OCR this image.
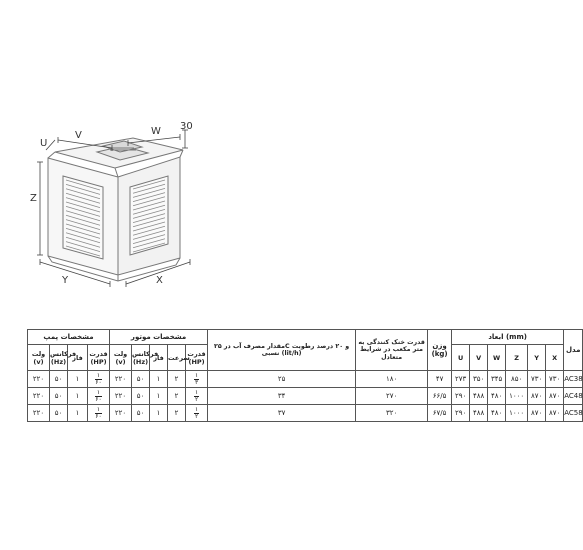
U
V	W 30
Z
Y	X
مشخصات پمپ				مشخصات موتور					مقدار مصرف آب در ۲۵C و ۲۰ درصد رطوبت نسبی (lit/h)	قدرت خنک کنندگی به متر مکعب در شرایط متعادل	وزن (kg)	ابعاد (mm)						مدل
ولت (v)	فرکانس (Hz)	فاز	قدرت (HP)	ولت (v)	فرکانس (Hz)	فاز	سرعت	قدرت (HP)				U	V	W	Z	Y	X	
۲۲۰	۵۰	۱	$\frac{۱}{۶۰}$	۲۲۰	۵۰	۱	۲	$\frac{۱}{۳}$	۲۵	۱۸۰	۴۷	۲۷۳	۳۵۰	۳۴۵	۸۵۰	۷۳۰	۷۳۰	AC38
۲۲۰	۵۰	۱	$\frac{۱}{۶۰}$	۲۲۰	۵۰	۱	۲	$\frac{۱}{۲}$	۳۴	۲۷۰	۶۶/۵	۲۹۰	۴۸۸	۴۸۰	۱۰۰۰	۸۷۰	۸۷۰	AC48
۲۲۰	۵۰	۱	$\frac{۱}{۶۰}$	۲۲۰	۵۰	۱	۲	$\frac{۱}{۲}$	۳۷	۳۲۰	۶۷/۵	۲۹۰	۴۸۸	۴۸۰	۱۰۰۰	۸۷۰	۸۷۰	AC58
